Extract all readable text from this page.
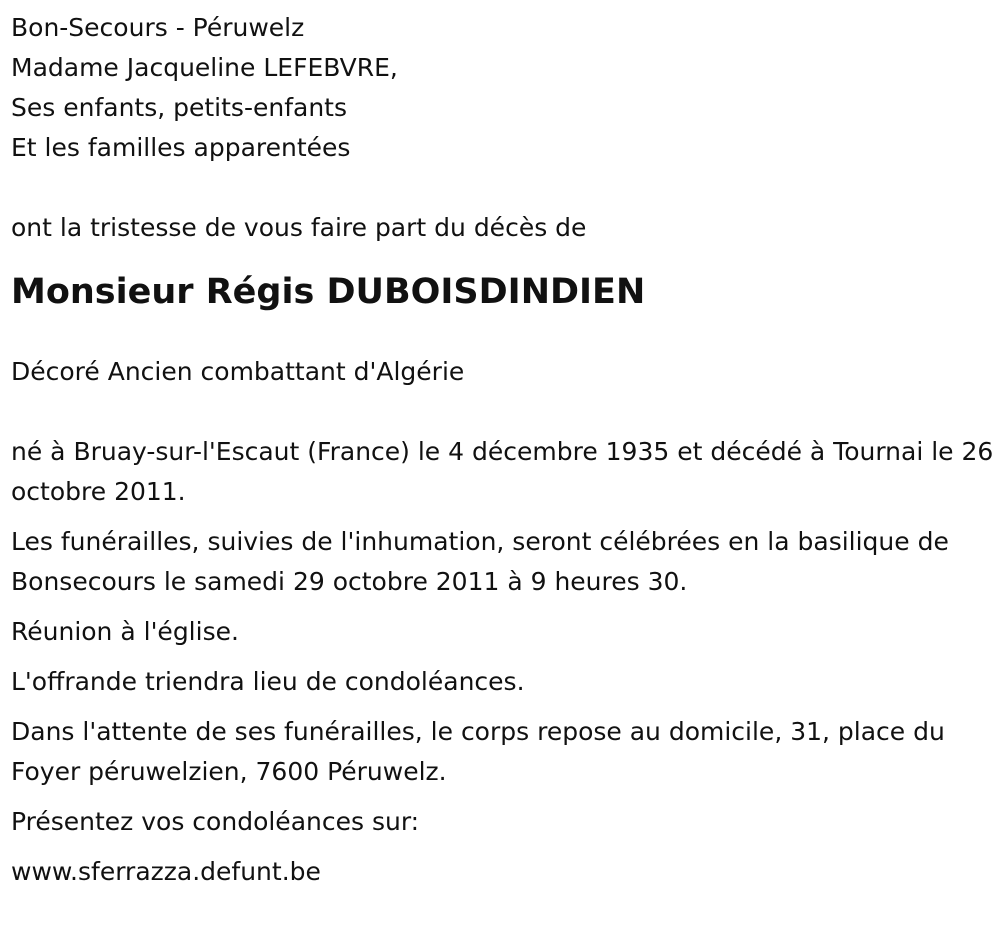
Bon-Secours - Péruwelz

Madame Jacqueline LEFEBVRE,

Ses enfants, petits-enfants

Et les familles apparentées

ont la tristesse de vous faire part du décès de

Monsieur Régis DUBOISDINDIEN

Décoré Ancien combattant d'Algérie

né à Bruay-sur-l'Escaut (France) le 4 décembre 1935 et décédé à Tournai le 26 octobre 2011.

Les funérailles, suivies de l'inhumation, seront célébrées en la basilique de Bonsecours le samedi 29 octobre 2011 à 9 heures 30.

Réunion à l'église.

L'offrande triendra lieu de condoléances.

Dans l'attente de ses funérailles, le corps repose au domicile, 31, place du Foyer péruwelzien, 7600 Péruwelz.

Présentez vos condoléances sur:

www.sferrazza.defunt.be
